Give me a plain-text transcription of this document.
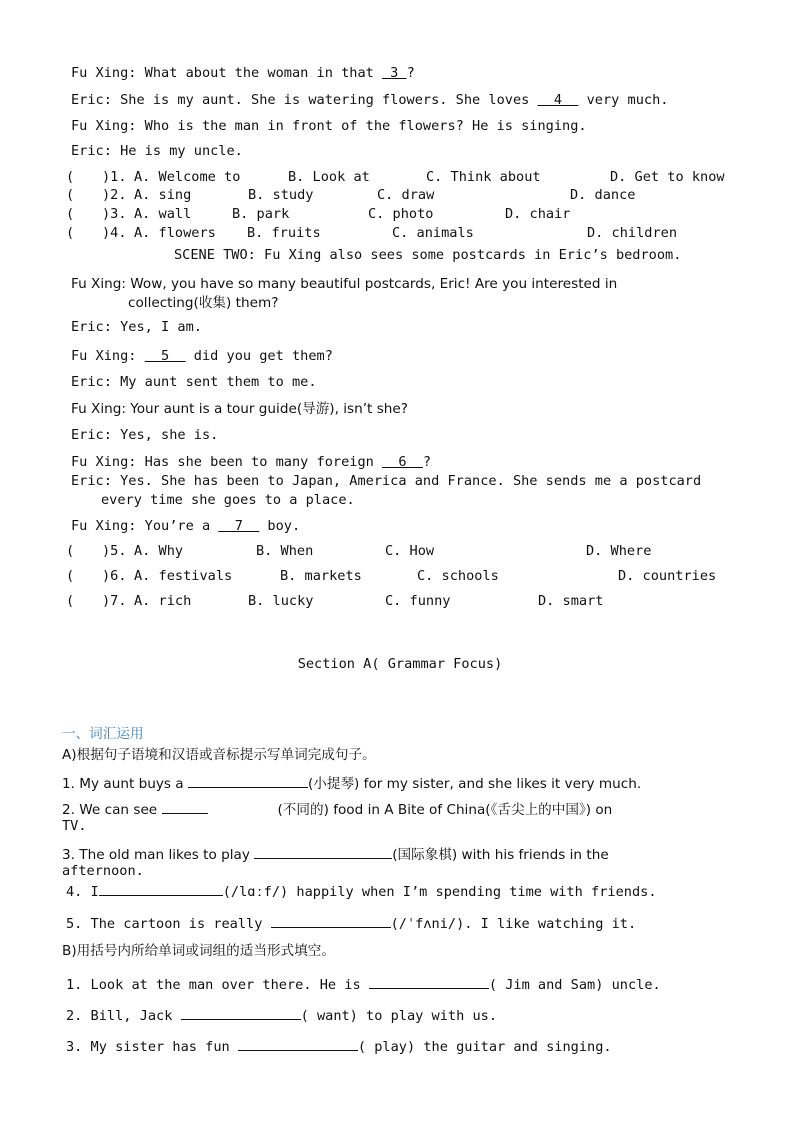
Fu Xing: What about the woman in that  3 ?
Eric: She is my aunt. She is watering flowers. She loves   4   very much.
Fu Xing: Who is the man in front of the flowers? He is singing.
Eric: He is my uncle.
( )1. A. Welcome to	B. Look at	C. Think about	D. Get to know
( )2. A. sing	B. study	C. draw	D. dance
( )3. A. wall	B. park	C. photo	D. chair
( )4. A. flowers B. fruits	C. animals	D. children
SCENE TWO: Fu Xing also sees some postcards in Eric’s bedroom.
Fu Xing: Wow, you have so many beautiful postcards, Eric! Are you interested in
collecting(收集) them?
Eric: Yes, I am.
Fu Xing:   5   did you get them?
Eric: My aunt sent them to me.
Fu Xing: Your aunt is a tour guide(导游), isn’t she?
Eric: Yes, she is.
Fu Xing: Has she been to many foreign   6  ?
Eric: Yes. She has been to Japan, America and France. She sends me a postcard
every time she goes to a place.
Fu Xing: You’re a   7   boy.
( )5. A. Why	B. When	C. How	D. Where
( )6. A. festivals	B. markets	C. schools	D. countries
( )7. A. rich	B. lucky	C. funny	D. smart
Section A( Grammar Focus)
一、词汇运用
A)根据句子语境和汉语或音标提示写单词完成句子。
1. My aunt buys a	(小提琴) for my sister, and she likes it very much.
2. We can see	(不同的) food in A Bite of China(《舌尖上的中国》) on
TV.
3. The old man likes to play	(国际象棋) with his friends in the
afternoon.
4. I	(/lɑːf/) happily when I’m spending time with friends.
5. The cartoon is really	(/ˈfʌni/). I like watching it.
B)用括号内所给单词或词组的适当形式填空。
1. Look at the man over there. He is	( Jim and Sam) uncle.
2. Bill, Jack	( want) to play with us.
3. My sister has fun	( play) the guitar and singing.
